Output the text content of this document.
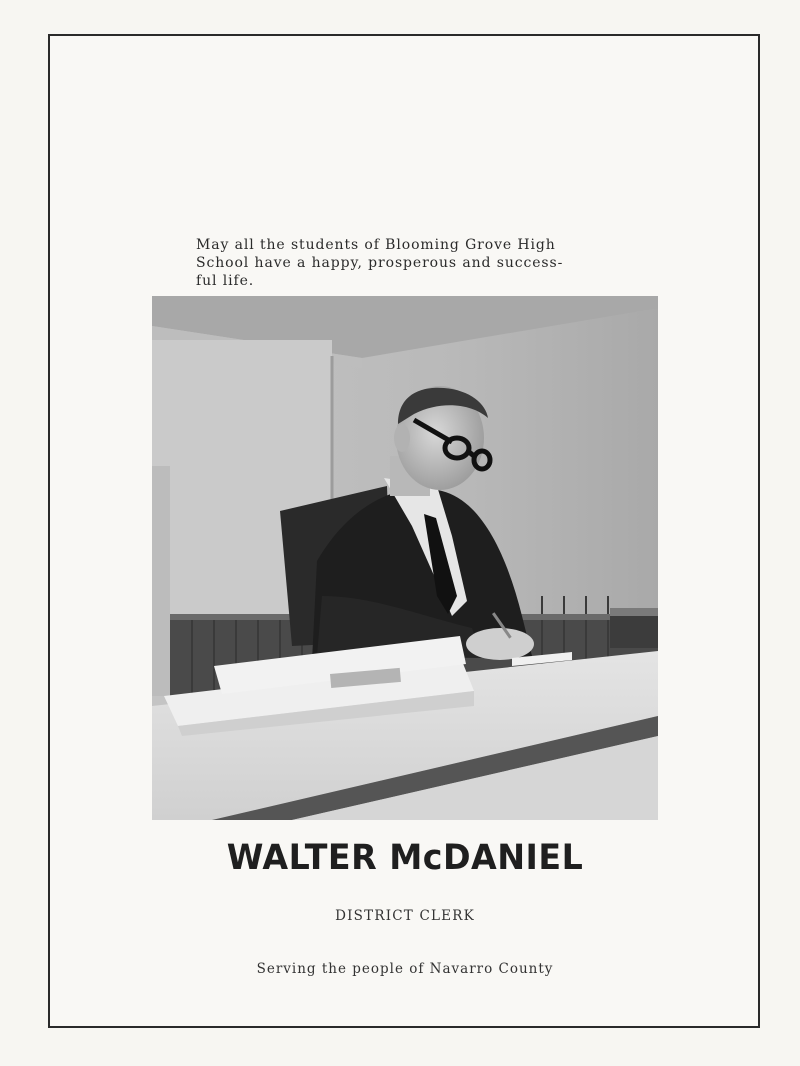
May all the students of Blooming Grove High
School have a happy, prosperous and success-
ful life.

WALTER McDANIEL

DISTRICT CLERK

Serving the people of Navarro County
